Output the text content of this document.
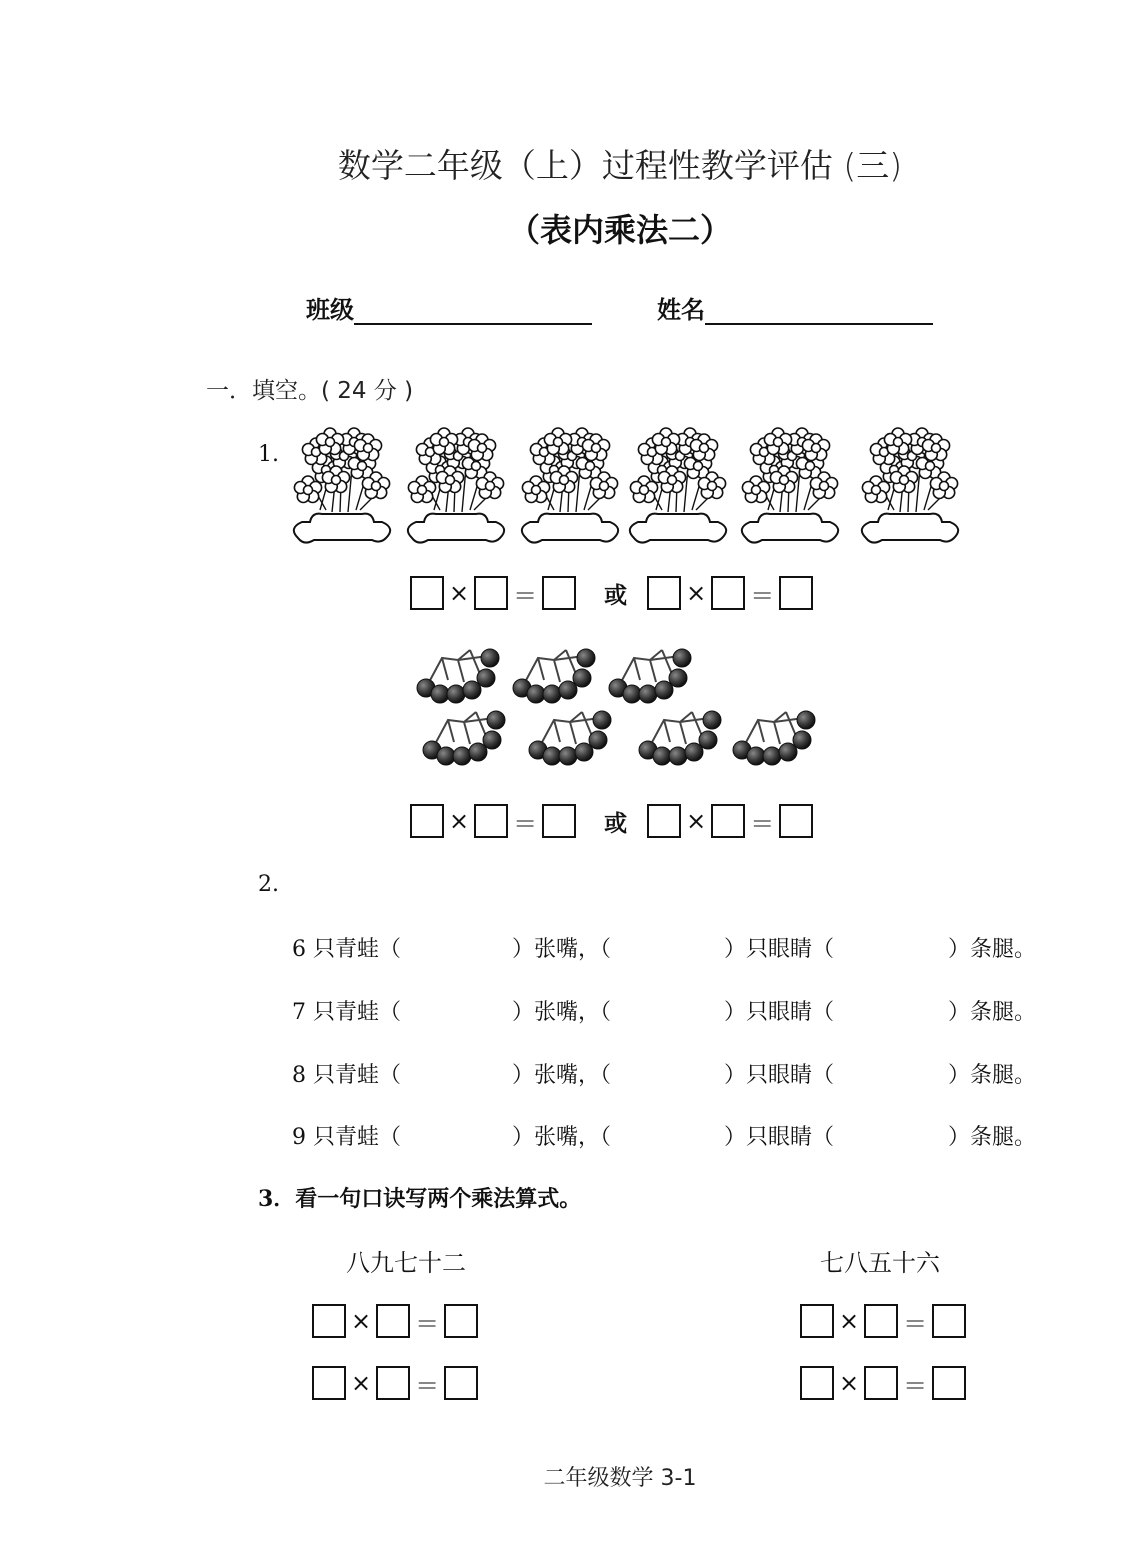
数学二年级（上）过程性教学评估 (三)
（表内乘法二）
班级	姓名
一．填空。( 24 分 )
1.
× ＝	或 × ＝
× ＝	或 × ＝
2.
6 只青蛙（	）张嘴，（	）只眼睛（	）条腿。
7 只青蛙（	）张嘴，（	）只眼睛（	）条腿。
8 只青蛙（	）张嘴，（	）只眼睛（	）条腿。
9 只青蛙（	）张嘴，（	）只眼睛（	）条腿。
3．看一句口诀写两个乘法算式。
八九七十二	七八五十六
× ＝
× ＝
× ＝
× ＝
二年级数学 3-1
